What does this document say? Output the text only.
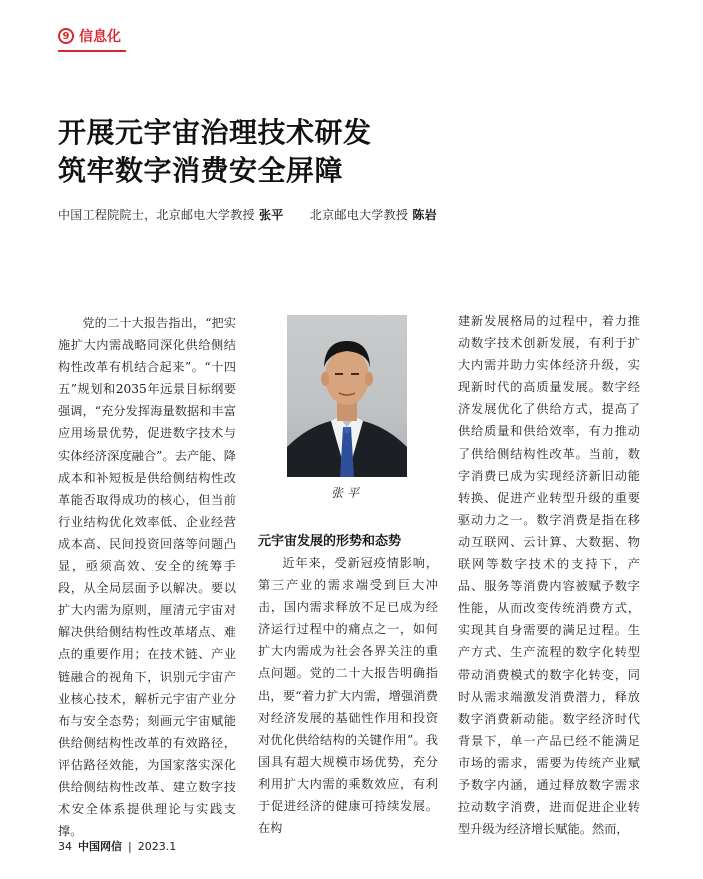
9 信息化
开展元宇宙治理技术研发
筑牢数字消费安全屏障
中国工程院院士，北京邮电大学教授 张平 北京邮电大学教授 陈岩

党的二十大报告指出，“把实施扩大内需战略同深化供给侧结构性改革有机结合起来”。“十四五”规划和2035年远景目标纲要强调，“充分发挥海量数据和丰富应用场景优势，促进数字技术与实体经济深度融合”。去产能、降成本和补短板是供给侧结构性改革能否取得成功的核心，但当前行业结构优化效率低、企业经营成本高、民间投资回落等问题凸显，亟须高效、安全的统筹手段，从全局层面予以解决。要以扩大内需为原则，厘清元宇宙对解决供给侧结构性改革堵点、难点的重要作用；在技术链、产业链融合的视角下，识别元宇宙产业核心技术，解析元宇宙产业分布与安全态势；刻画元宇宙赋能供给侧结构性改革的有效路径，评估路径效能，为国家落实深化供给侧结构性改革、建立数字技术安全体系提供理论与实践支撑。

张平
元宇宙发展的形势和态势

近年来，受新冠疫情影响，第三产业的需求端受到巨大冲击，国内需求释放不足已成为经济运行过程中的痛点之一，如何扩大内需成为社会各界关注的重点问题。党的二十大报告明确指出，要“着力扩大内需，增强消费对经济发展的基础性作用和投资对优化供给结构的关键作用”。我国具有超大规模市场优势，充分利用扩大内需的乘数效应，有利于促进经济的健康可持续发展。在构

建新发展格局的过程中，着力推动数字技术创新发展，有利于扩大内需并助力实体经济升级，实现新时代的高质量发展。数字经济发展优化了供给方式，提高了供给质量和供给效率，有力推动了供给侧结构性改革。当前，数字消费已成为实现经济新旧动能转换、促进产业转型升级的重要驱动力之一。数字消费是指在移动互联网、云计算、大数据、物联网等数字技术的支持下，产品、服务等消费内容被赋予数字性能，从而改变传统消费方式，实现其自身需要的满足过程。生产方式、生产流程的数字化转型带动消费模式的数字化转变，同时从需求端激发消费潜力，释放数字消费新动能。数字经济时代背景下，单一产品已经不能满足市场的需求，需要为传统产业赋予数字内涵，通过释放数字需求拉动数字消费，进而促进企业转型升级为经济增长赋能。然而，

34 中国网信 | 2023.1
